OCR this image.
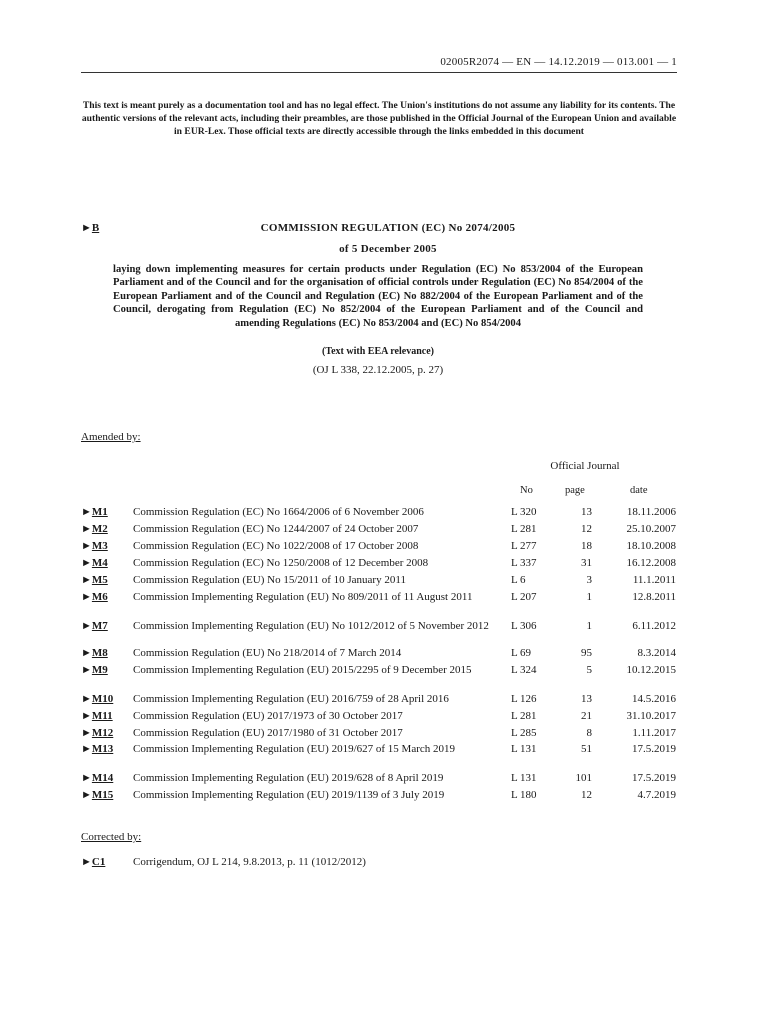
02005R2074 — EN — 14.12.2019 — 013.001 — 1
This text is meant purely as a documentation tool and has no legal effect. The Union's institutions do not assume any liability for its contents. The authentic versions of the relevant acts, including their preambles, are those published in the Official Journal of the European Union and available in EUR-Lex. Those official texts are directly accessible through the links embedded in this document
►B	COMMISSION REGULATION (EC) No 2074/2005
of 5 December 2005
laying down implementing measures for certain products under Regulation (EC) No 853/2004 of the European Parliament and of the Council and for the organisation of official controls under Regulation (EC) No 854/2004 of the European Parliament and of the Council and Regulation (EC) No 882/2004 of the European Parliament and of the Council, derogating from Regulation (EC) No 852/2004 of the European Parliament and of the Council and amending Regulations (EC) No 853/2004 and (EC) No 854/2004
(Text with EEA relevance)
(OJ L 338, 22.12.2005, p. 27)
Amended by:
Official Journal
No	page	date
►M1 Commission Regulation (EC) No 1664/2006 of 6 November 2006	L 320	13	18.11.2006
►M2 Commission Regulation (EC) No 1244/2007 of 24 October 2007	L 281	12	25.10.2007
►M3 Commission Regulation (EC) No 1022/2008 of 17 October 2008	L 277	18	18.10.2008
►M4 Commission Regulation (EC) No 1250/2008 of 12 December 2008	L 337	31	16.12.2008
►M5 Commission Regulation (EU) No 15/2011 of 10 January 2011	L 6	3	11.1.2011
►M6 Commission Implementing Regulation (EU) No 809/2011 of 11 August 2011	L 207	1	12.8.2011
►M7 Commission Implementing Regulation (EU) No 1012/2012 of 5 November 2012	L 306	1	6.11.2012
►M8 Commission Regulation (EU) No 218/2014 of 7 March 2014	L 69	95	8.3.2014
►M9 Commission Implementing Regulation (EU) 2015/2295 of 9 December 2015	L 324	5	10.12.2015
►M10 Commission Implementing Regulation (EU) 2016/759 of 28 April 2016	L 126	13	14.5.2016
►M11 Commission Regulation (EU) 2017/1973 of 30 October 2017	L 281	21	31.10.2017
►M12 Commission Regulation (EU) 2017/1980 of 31 October 2017	L 285	8	1.11.2017
►M13 Commission Implementing Regulation (EU) 2019/627 of 15 March 2019	L 131	51	17.5.2019
►M14 Commission Implementing Regulation (EU) 2019/628 of 8 April 2019	L 131	101	17.5.2019
►M15 Commission Implementing Regulation (EU) 2019/1139 of 3 July 2019	L 180	12	4.7.2019
Corrected by:
►C1	Corrigendum, OJ L 214, 9.8.2013, p. 11 (1012/2012)
